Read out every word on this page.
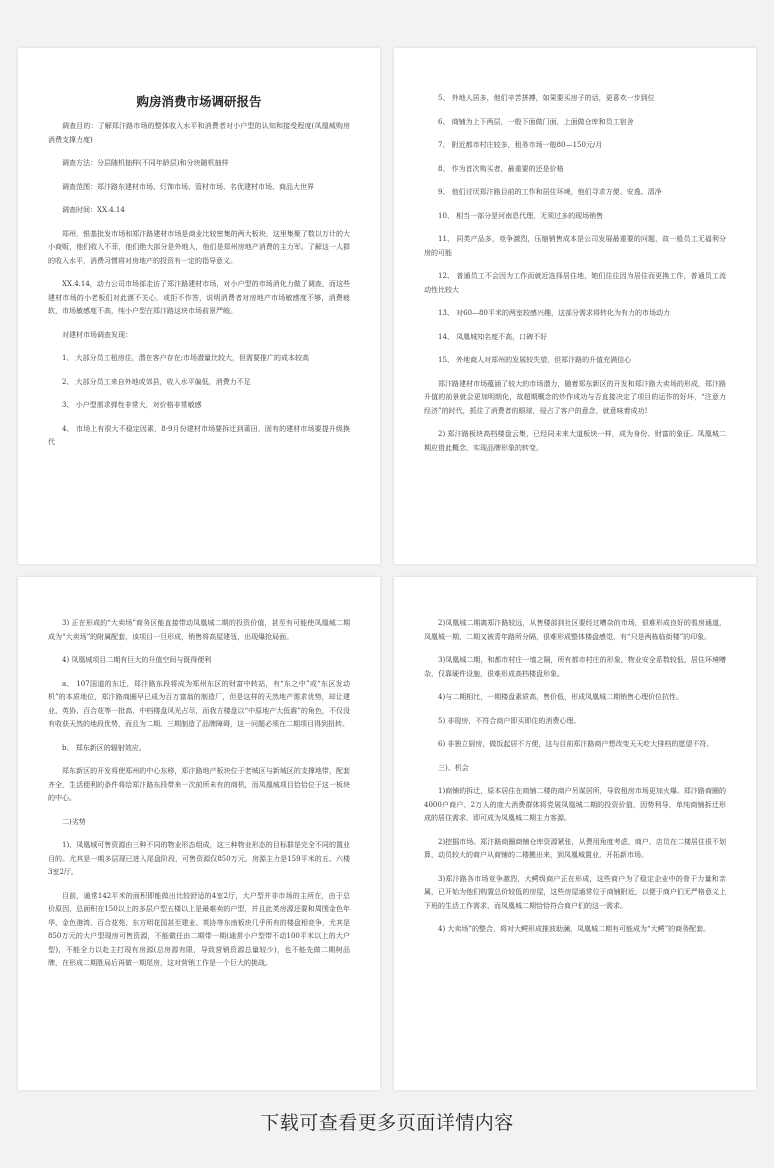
购房消费市场调研报告

调查目的：了解郑汴路市场的整体收入水平和消费者对小户型的认知和接受程度(凤凰城购房消费支撑力度)

调查方法：分层随机抽样(不同年龄层)和分块随机抽样

调查范围：郑汴路东建材市场、灯饰市场、管材市场、名优建材市场、商品大世界

调查时间：XX.4.14

郑州，银基批发市场和郑汴路建材市场是商业比较密集的两大板块，这里集聚了数以万计的大小商贩，他们收入不菲，他们绝大部分是外地人，他们是郑州房地产消费的主力军。了解这一人群的收入水平，消费习惯将对房地产的投资有一定的指导意义。

XX.4.14，动力公司市场部走访了郑汴路建材市场，对小户型的市场消化力做了调查，而这些建材市场的小老板们对此漠不关心，或拒不作答，说明消费者对房地产市场敏感度不够，消费疲软，市场敏感度不高，纯小户型在郑汴路这块市场前景严峻。

对建材市场调查发现：

1、 大部分员工租房住，潜在客户存在;市场潜量比较大，但需要推广的成本较高

2、 大部分员工来自外地或郊县，收入水平偏低，消费力不足

3、 小户型需求弹性非常大，对价格非常敏感

4、 市场上有很大不稳定因素，8-9月份建材市场要拆迁到莆田，固有的建材市场要提升级换代

5、 外地人居多，他们辛苦拼搏，如果要买房子的话，更喜欢一步到位

6、 商铺为上下两层，一般下面做门面，上面做仓库和员工宿舍

7、 附近都市村庄较多，租务市场一般80—150元/月

8、 作为首次购买者，最重要的还是价格

9、 他们讨厌郑汴路目前的工作和居住环境，他们寻求方便、安逸、清净

10、 相当一部分是河南息代理，无须过多的现场销售

11、 同类产品多，竞争激烈，压缩销售成本是公司发展最重要的问题，故一般员工无福利分房的可能

12、 普通员工不会因为工作而就近选择居住地，她们往往因为居住而更换工作，普通员工流动性比较大

13、 对60—80平米的两室较感兴趣，这部分需求将转化为有力的市场动力

14、 凤凰城知名度不高，口碑不好

15、 外地商人对郑州的发展较失望，但郑汴路的升值充满信心

郑汴路建材市场蕴涵了较大的市场潜力，随着郑东新区的开发和郑汴路大卖场的形成，郑汴路升值的前景就会更加明朗化，故超期概念的炒作成功与否直接决定了项目的运作的好坏，“注意力经济”的时代，抓住了消费者的眼球，侵占了客户的意念，就意味着成功!

2) 郑汴路板块高档楼盘云集，已经同未来大道板块一样，成为身份、财富的象征。凤凰城二期应借此概念，实现品牌形象的转变。

3) 正在形成的“大卖场”商务区能直接带动凤凰城二期的投资价值，甚至有可能使凤凰城二期成为“大卖场”的附属配套，该项目一旦形成，销售将高屋建瓴，出现爆抢局面。

4) 凤凰城项目二期有巨大的升值空间与既得便利

a、 107国道的东迁，郑汴路东段将成为郑州东区的财富中转站，有“东之中”或“东区发动机”的本质地位，郑汴路商圈早已成为百万富翁的制造厂，但是这样的天然地产需求优势，却让建业、英协、百合花等一批高、中档楼盘风光占尽，而我方楼盘以“中原地产大低震”的角色，不仅没有收获天然的地段优势，而且为二期、三期制造了品牌障碍，这一问题必须在二期项目得到扭转。

b、 郑东新区的辐射效应。

郑东新区的开发将使郑州的中心东移，郑汴路地产板块位于老城区与新城区的支撑地带，配套齐全，生活便利的条件将给郑汴路东段带来一次前所未有的商机，而凤凰城项目恰恰位于这一板块的中心。

二)劣势

1)、凤凰城可售资源由三种不同的物业形态组成，这三种物业形态的目标群是完全不同的置业目的。尤其是一期多层现已进入尾盘阶段，可售资源仅850万元，房源主力是159平米的五、六楼3室2厅。

目前，通常142平米的面积即能做出比较舒适的4室2厅，大户型并非市场的主所在，由于总价原因，总面积在150以上的多层户型五楼以上是最难卖的户型，并且此类房源还要和周围金色年华、金色港湾、百合花苑、东方明花园甚至建业、英协等东南板块几乎所有的楼盘相竞争，尤其是850万元的大户型现房可售资源，不能做任由二期带一期(通常小户型带不动100平米以上的大户型)，不能全力以赴主打现有房源(总房源有限，导致营销资源总量较少)，也不能先做二期树品牌，在形成二期胜局后再做一期尾房，这对营销工作是一个巨大的挑战。

2)凤凰城二期离郑汴路较远，从售楼部到社区要经过嘈杂的市场，很难形成良好的看房通道，凤凰城一期、二期又被青年路所分隔，很难形成整体楼盘感觉，有“只是两栋临街楼”的印象。

3)凤凰城二期，和都市村庄一墙之隔，所有都市村庄的形象，物业安全系数较低，居住环境嘈杂，仅靠硬件设施，很难形成高档楼盘形象。

4)与二期相比，一期楼盘素质高，售价低，形成凤凰城二期销售心理价位抗性。

5) 非现房，不符合商户即买即住的消费心理。

6) 非独立厨房，做饭起居不方便，这与目前郑汴路商户想改变天天吃大排档的愿望不符。

三)、机会

1)商铺的拆迁，原本居住在商铺二楼的商户另谋居所，导致租房市场更加火爆。郑汴路商圈的4000户商户、2万人的庞大消费群体将党展凤凰城二期的投资价值，因势利导，单纯商铺拆迁形成的居住需求，即可成为凤凰城二期主力客源。

2)挖掘市场。郑汴路商圈商铺仓库资源紧张，从费用角度考虑，商户、店员在二楼居住很不划算，动员较大的商户从商铺的二楼搬出来，到凤凰城置业，开拓新市场。

3)郑汴路各市场竞争激烈，大鳄级商户正在形成，这些商户为了稳定企业中的骨干力量和亲属，已开始为他们购置总价较低的房屋，这些房屋通常位于商铺附近，以便于商户们无严格意义上下班的生活工作需求，而凤凰城二期恰恰符合商户们的这一需求。

4) 大卖场”的整合，将对大鳄形成推波助澜，凤凰城二期有可能成为“大鳄”的商务配套。

下载可查看更多页面详情内容
